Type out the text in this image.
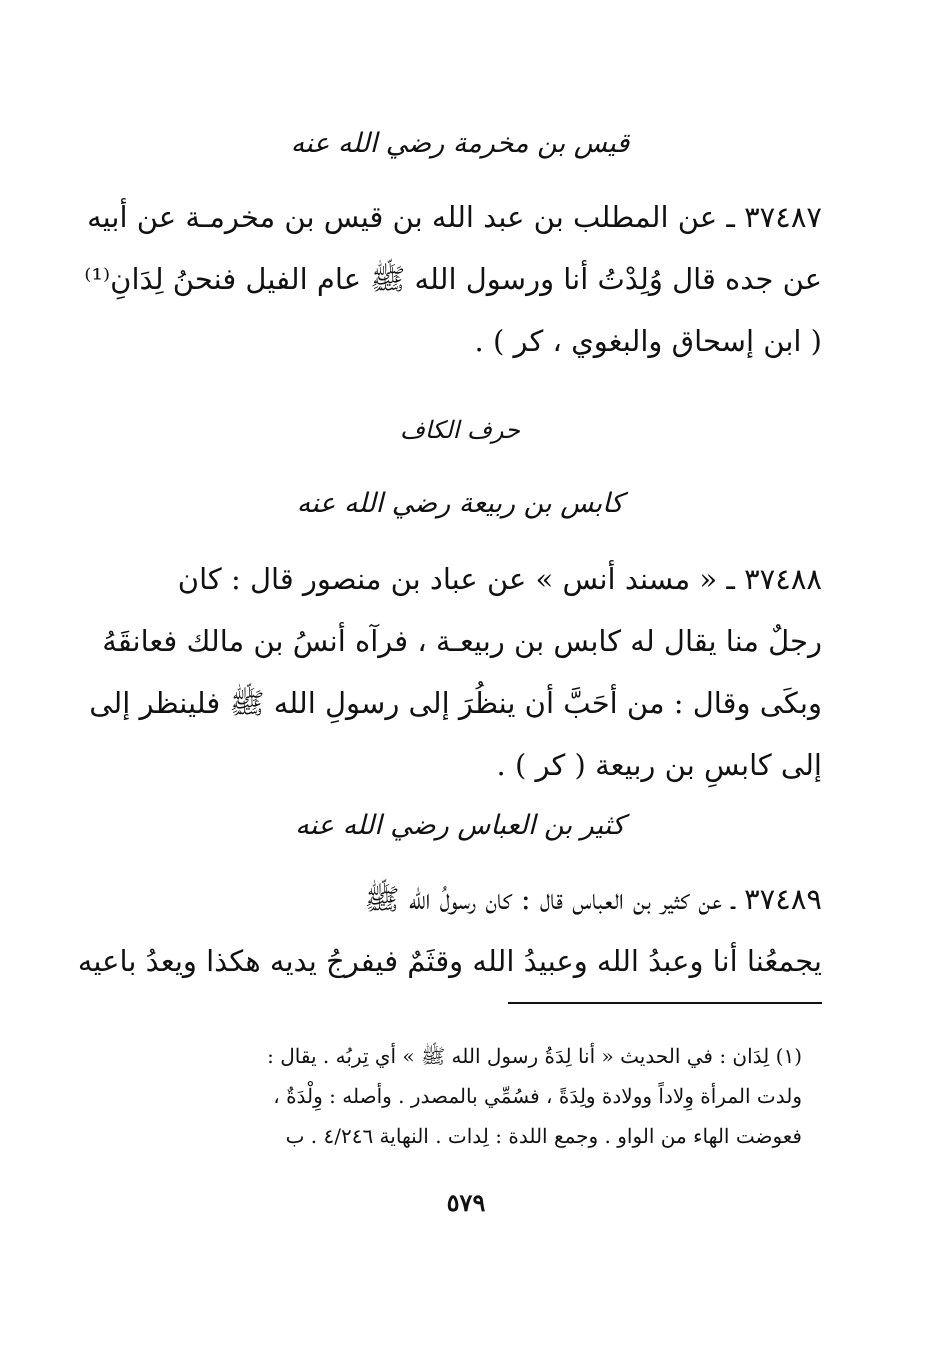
قيس بن مخرمة رضي الله عنه
٣٧٤٨٧ ـ عن المطلب بن عبد الله بن قيس بن مخرمـة عن أبيه
عن جده قال وُلِدْتُ أنا ورسول الله ﷺ عام الفيل فنحنُ لِدَانِ⁽¹⁾
( ابن إسحاق والبغوي ، كر ) .
حرف الكاف
كابس بن ربيعة رضي الله عنه
٣٧٤٨٨ ـ « مسند أنس » عن عباد بن منصور قال : كان
رجلٌ منا يقال له كابس بن ربيعـة ، فرآه أنسُ بن مالك فعانقَهُ
وبكَى وقال : من أحَبَّ أن ينظُرَ إلى رسولِ الله ﷺ فلينظر إلى
إلى كابسِ بن ربيعة ( كر ) .
كثير بن العباس رضي الله عنه
٣٧٤٨٩ ـ عن كثير بن العباس قال : كان رسولُ الله ﷺ
يجمعُنا أنا وعبدُ الله وعبيدُ الله وقثَمٌ فيفرجُ يديه هكذا ويعدُ باعيه
(١) لِدَان : في الحديث « أنا لِدَةُ رسول الله ﷺ » أي تِربُه . يقال :
ولدت المرأة وِلاداً وولادة ولِدَةً ، فسُمِّي بالمصدر . وأصله : وِلْدَةٌ ،
فعوضت الهاء من الواو . وجمع اللدة : لِدات . النهاية ٤/٢٤٦ . ب
٥٧٩
